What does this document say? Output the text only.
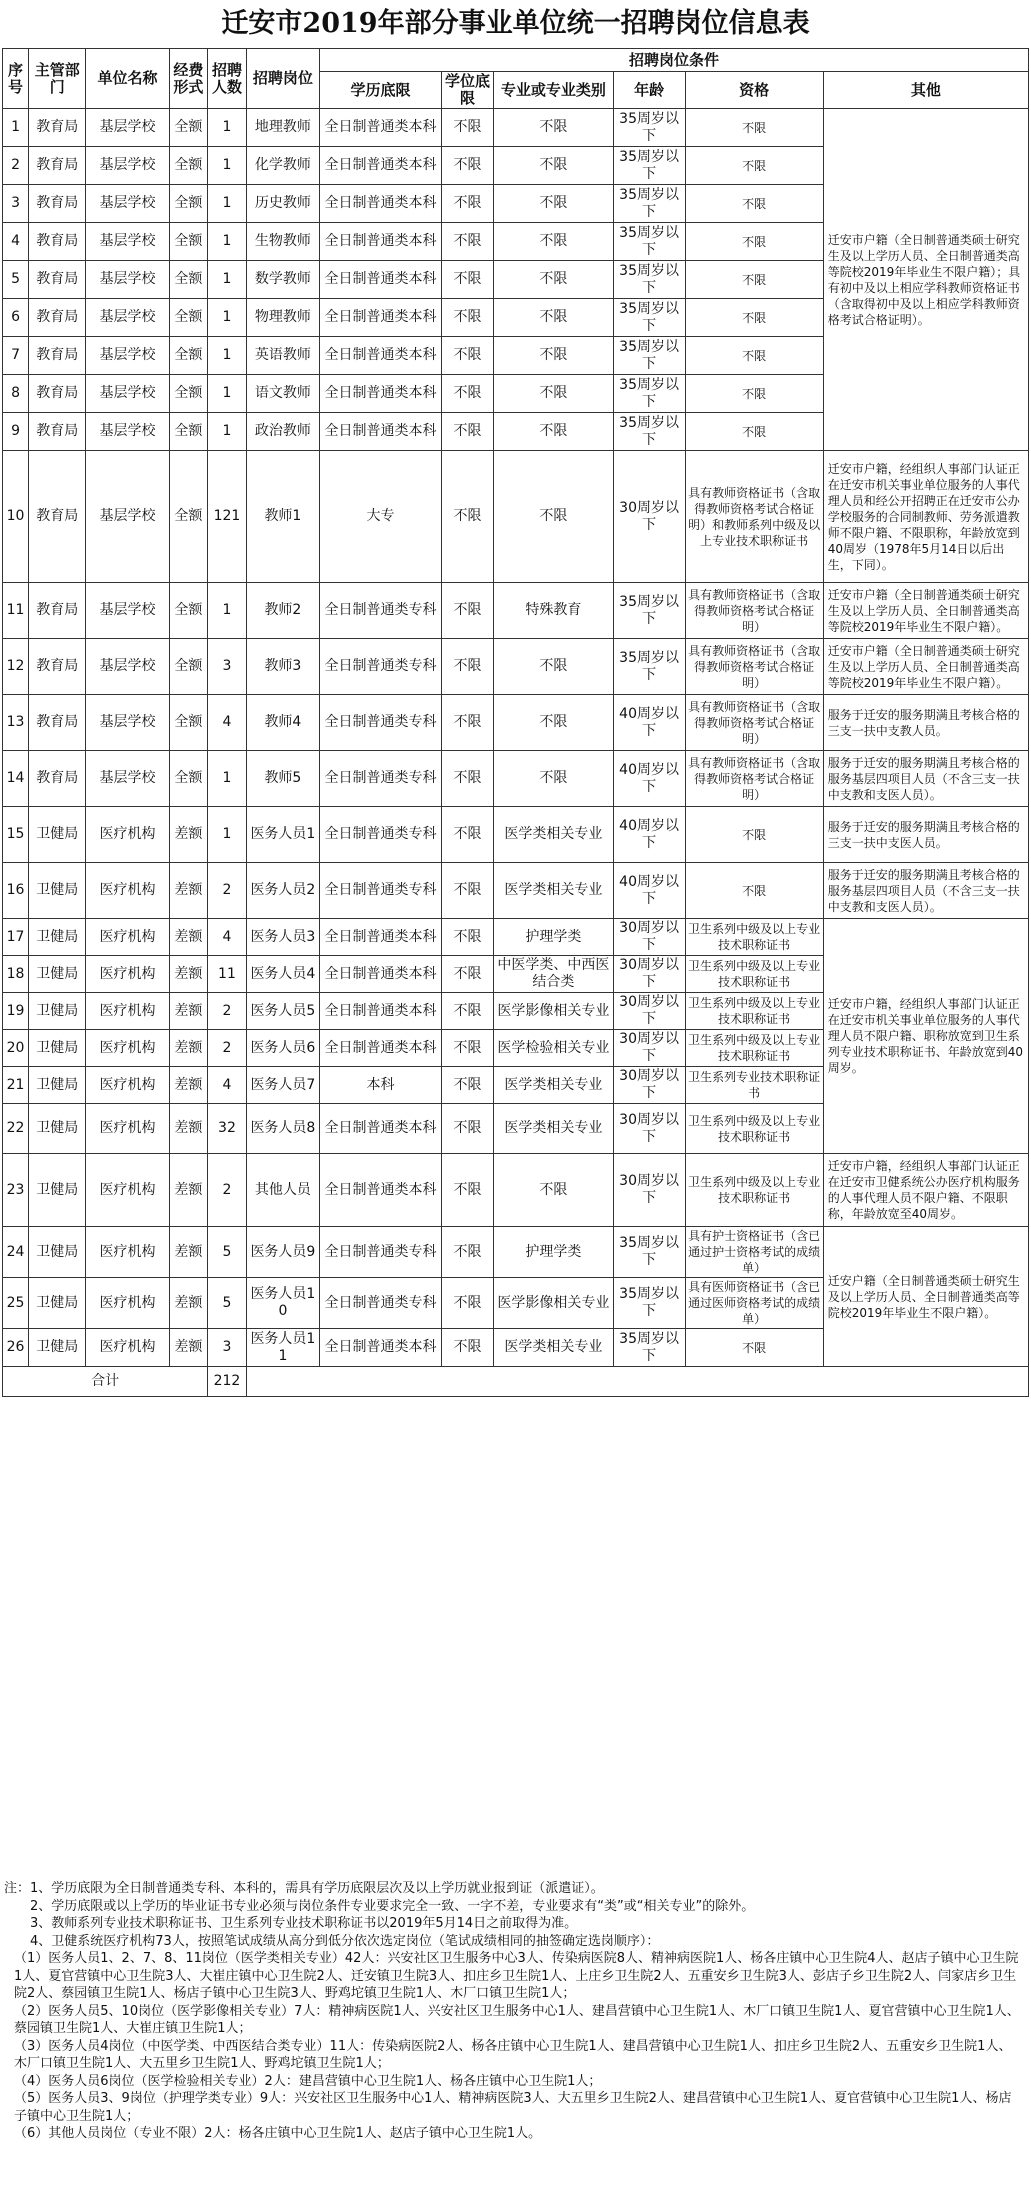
迁安市2019年部分事业单位统一招聘岗位信息表
序号	主管部门	单位名称	经费形式	招聘人数	招聘岗位	招聘岗位条件					
						学历底限	学位底限	专业或专业类别	年龄	资格	其他
1	教育局	基层学校	全额	1	地理教师	全日制普通类本科	不限	不限	35周岁以下	不限	迁安市户籍（全日制普通类硕士研究生及以上学历人员、全日制普通类高等院校2019年毕业生不限户籍）；具有初中及以上相应学科教师资格证书（含取得初中及以上相应学科教师资格考试合格证明）。
2	教育局	基层学校	全额	1	化学教师	全日制普通类本科	不限	不限	35周岁以下	不限	
3	教育局	基层学校	全额	1	历史教师	全日制普通类本科	不限	不限	35周岁以下	不限	
4	教育局	基层学校	全额	1	生物教师	全日制普通类本科	不限	不限	35周岁以下	不限	
5	教育局	基层学校	全额	1	数学教师	全日制普通类本科	不限	不限	35周岁以下	不限	
6	教育局	基层学校	全额	1	物理教师	全日制普通类本科	不限	不限	35周岁以下	不限	
7	教育局	基层学校	全额	1	英语教师	全日制普通类本科	不限	不限	35周岁以下	不限	
8	教育局	基层学校	全额	1	语文教师	全日制普通类本科	不限	不限	35周岁以下	不限	
9	教育局	基层学校	全额	1	政治教师	全日制普通类本科	不限	不限	35周岁以下	不限	
10	教育局	基层学校	全额	121	教师1	大专	不限	不限	30周岁以下	具有教师资格证书（含取得教师资格考试合格证明）和教师系列中级及以上专业技术职称证书	迁安市户籍，经组织人事部门认证正在迁安市机关事业单位服务的人事代理人员和经公开招聘正在迁安市公办学校服务的合同制教师、劳务派遣教师不限户籍、不限职称，年龄放宽到40周岁（1978年5月14日以后出生，下同）。
11	教育局	基层学校	全额	1	教师2	全日制普通类专科	不限	特殊教育	35周岁以下	具有教师资格证书（含取得教师资格考试合格证明）	迁安市户籍（全日制普通类硕士研究生及以上学历人员、全日制普通类高等院校2019年毕业生不限户籍）。
12	教育局	基层学校	全额	3	教师3	全日制普通类专科	不限	不限	35周岁以下	具有教师资格证书（含取得教师资格考试合格证明）	迁安市户籍（全日制普通类硕士研究生及以上学历人员、全日制普通类高等院校2019年毕业生不限户籍）。
13	教育局	基层学校	全额	4	教师4	全日制普通类专科	不限	不限	40周岁以下	具有教师资格证书（含取得教师资格考试合格证明）	服务于迁安的服务期满且考核合格的三支一扶中支教人员。
14	教育局	基层学校	全额	1	教师5	全日制普通类专科	不限	不限	40周岁以下	具有教师资格证书（含取得教师资格考试合格证明）	服务于迁安的服务期满且考核合格的服务基层四项目人员（不含三支一扶中支教和支医人员）。
15	卫健局	医疗机构	差额	1	医务人员1	全日制普通类专科	不限	医学类相关专业	40周岁以下	不限	服务于迁安的服务期满且考核合格的三支一扶中支医人员。
16	卫健局	医疗机构	差额	2	医务人员2	全日制普通类专科	不限	医学类相关专业	40周岁以下	不限	服务于迁安的服务期满且考核合格的服务基层四项目人员（不含三支一扶中支教和支医人员）。
17	卫健局	医疗机构	差额	4	医务人员3	全日制普通类本科	不限	护理学类	30周岁以下	卫生系列中级及以上专业技术职称证书	迁安市户籍，经组织人事部门认证正在迁安市机关事业单位服务的人事代理人员不限户籍、职称放宽到卫生系列专业技术职称证书、年龄放宽到40周岁。
18	卫健局	医疗机构	差额	11	医务人员4	全日制普通类本科	不限	中医学类、中西医结合类	30周岁以下	卫生系列中级及以上专业技术职称证书	
19	卫健局	医疗机构	差额	2	医务人员5	全日制普通类本科	不限	医学影像相关专业	30周岁以下	卫生系列中级及以上专业技术职称证书	
20	卫健局	医疗机构	差额	2	医务人员6	全日制普通类本科	不限	医学检验相关专业	30周岁以下	卫生系列中级及以上专业技术职称证书	
21	卫健局	医疗机构	差额	4	医务人员7	本科	不限	医学类相关专业	30周岁以下	卫生系列专业技术职称证书	
22	卫健局	医疗机构	差额	32	医务人员8	全日制普通类本科	不限	医学类相关专业	30周岁以下	卫生系列中级及以上专业技术职称证书	
23	卫健局	医疗机构	差额	2	其他人员	全日制普通类本科	不限	不限	30周岁以下	卫生系列中级及以上专业技术职称证书	迁安市户籍，经组织人事部门认证正在迁安市卫健系统公办医疗机构服务的人事代理人员不限户籍、不限职称，年龄放宽至40周岁。
24	卫健局	医疗机构	差额	5	医务人员9	全日制普通类专科	不限	护理学类	35周岁以下	具有护士资格证书（含已通过护士资格考试的成绩单）	迁安户籍（全日制普通类硕士研究生及以上学历人员、全日制普通类高等院校2019年毕业生不限户籍）。
25	卫健局	医疗机构	差额	5	医务人员10	全日制普通类专科	不限	医学影像相关专业	35周岁以下	具有医师资格证书（含已通过医师资格考试的成绩单）	
26	卫健局	医疗机构	差额	3	医务人员11	全日制普通类本科	不限	医学类相关专业	35周岁以下	不限	
合计				212							
注：1、学历底限为全日制普通类专科、本科的，需具有学历底限层次及以上学历就业报到证（派遣证）。
2、学历底限或以上学历的毕业证书专业必须与岗位条件专业要求完全一致、一字不差，专业要求有“类”或“相关专业”的除外。
3、教师系列专业技术职称证书、卫生系列专业技术职称证书以2019年5月14日之前取得为准。
4、卫健系统医疗机构73人，按照笔试成绩从高分到低分依次选定岗位（笔试成绩相同的抽签确定选岗顺序）：
（1）医务人员1、2、7、8、11岗位（医学类相关专业）42人：兴安社区卫生服务中心3人、传染病医院8人、精神病医院1人、杨各庄镇中心卫生院4人、赵店子镇中心卫生院1人、夏官营镇中心卫生院3人、大崔庄镇中心卫生院2人、迁安镇卫生院3人、扣庄乡卫生院1人、上庄乡卫生院2人、五重安乡卫生院3人、彭店子乡卫生院2人、闫家店乡卫生院2人、蔡园镇卫生院1人、杨店子镇中心卫生院3人、野鸡坨镇卫生院1人、木厂口镇卫生院1人；
（2）医务人员5、10岗位（医学影像相关专业）7人：精神病医院1人、兴安社区卫生服务中心1人、建昌营镇中心卫生院1人、木厂口镇卫生院1人、夏官营镇中心卫生院1人、蔡园镇卫生院1人、大崔庄镇卫生院1人；
（3）医务人员4岗位（中医学类、中西医结合类专业）11人：传染病医院2人、杨各庄镇中心卫生院1人、建昌营镇中心卫生院1人、扣庄乡卫生院2人、五重安乡卫生院1人、木厂口镇卫生院1人、大五里乡卫生院1人、野鸡坨镇卫生院1人；
（4）医务人员6岗位（医学检验相关专业）2人：建昌营镇中心卫生院1人、杨各庄镇中心卫生院1人；
（5）医务人员3、9岗位（护理学类专业）9人：兴安社区卫生服务中心1人、精神病医院3人、大五里乡卫生院2人、建昌营镇中心卫生院1人、夏官营镇中心卫生院1人、杨店子镇中心卫生院1人；
（6）其他人员岗位（专业不限）2人：杨各庄镇中心卫生院1人、赵店子镇中心卫生院1人。
